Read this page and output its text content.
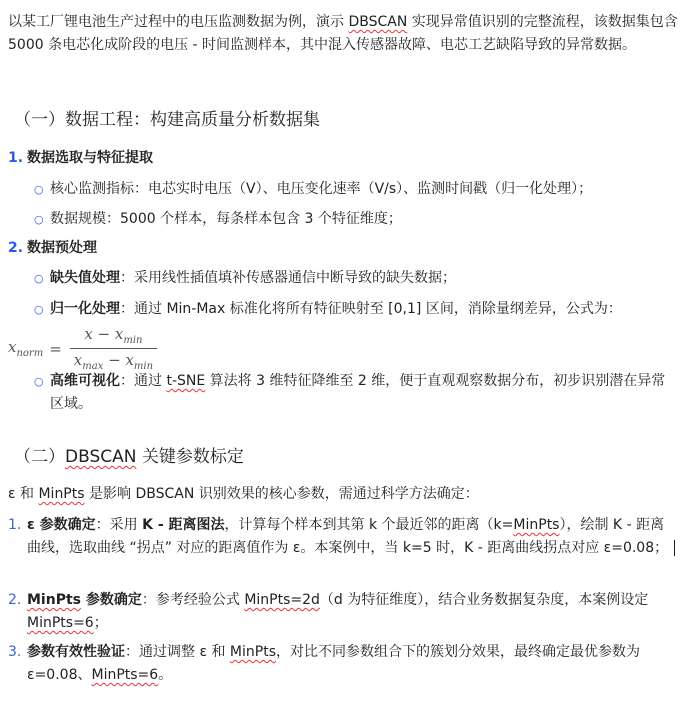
以某工厂锂电池生产过程中的电压监测数据为例，演示 DBSCAN 实现异常值识别的完整流程，该数据集包含 5000 条电芯化成阶段的电压 - 时间监测样本，其中混入传感器故障、电芯工艺缺陷导致的异常数据。
（一）数据工程：构建高质量分析数据集
1. 数据选取与特征提取
○ 核心监测指标：电芯实时电压（V）、电压变化速率（V/s）、监测时间戳（归一化处理）；
○ 数据规模：5000 个样本，每条样本包含 3 个特征维度；
2. 数据预处理
○ 缺失值处理：采用线性插值填补传感器通信中断导致的缺失数据；
○ 归一化处理：通过 Min-Max 标准化将所有特征映射至 [0,1] 区间，消除量纲差异，公式为：
$x_{norm} = \frac{x - x_{min}}{x_{max} - x_{min}}$
○ 高维可视化：通过 t-SNE 算法将 3 维特征降维至 2 维，便于直观观察数据分布，初步识别潜在异常区域。
（二）DBSCAN 关键参数标定
ε 和 MinPts 是影响 DBSCAN 识别效果的核心参数，需通过科学方法确定：
1. ε 参数确定：采用 K - 距离图法，计算每个样本到其第 k 个最近邻的距离（k=MinPts），绘制 K - 距离曲线，选取曲线 “拐点” 对应的距离值作为 ε。本案例中，当 k=5 时，K - 距离曲线拐点对应 ε=0.08；
2. MinPts 参数确定：参考经验公式 MinPts=2d（d 为特征维度），结合业务数据复杂度，本案例设定 MinPts=6；
3. 参数有效性验证：通过调整 ε 和 MinPts，对比不同参数组合下的簇划分效果，最终确定最优参数为 ε=0.08、MinPts=6。
